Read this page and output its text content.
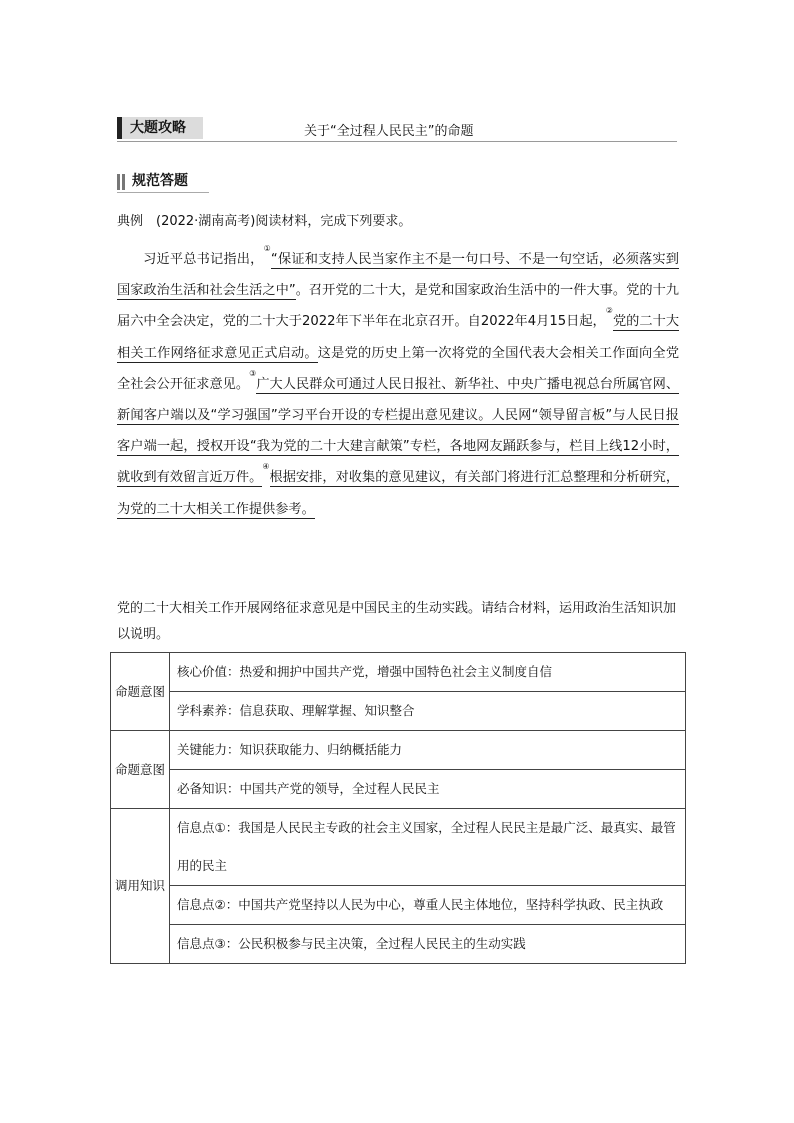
大题攻略	关于“全过程人民民主”的命题
规范答题
典例　(2022·湖南高考)阅读材料，完成下列要求。

习近平总书记指出，①“保证和支持人民当家作主不是一句口号、不是一句空话，必须落实到国家政治生活和社会生活之中”。召开党的二十大，是党和国家政治生活中的一件大事。党的十九届六中全会决定，党的二十大于2022年下半年在北京召开。自2022年4月15日起，②党的二十大相关工作网络征求意见正式启动。这是党的历史上第一次将党的全国代表大会相关工作面向全党全社会公开征求意见。③广大人民群众可通过人民日报社、新华社、中央广播电视总台所属官网、新闻客户端以及“学习强国”学习平台开设的专栏提出意见建议。人民网“领导留言板”与人民日报客户端一起，授权开设“我为党的二十大建言献策”专栏，各地网友踊跃参与，栏目上线12小时，就收到有效留言近万件。④根据安排，对收集的意见建议，有关部门将进行汇总整理和分析研究，为党的二十大相关工作提供参考。

党的二十大相关工作开展网络征求意见是中国民主的生动实践。请结合材料，运用政治生活知识加以说明。
命题意图	核心价值：热爱和拥护中国共产党，增强中国特色社会主义制度自信
	学科素养：信息获取、理解掌握、知识整合
命题意图	关键能力：知识获取能力、归纳概括能力
	必备知识：中国共产党的领导，全过程人民民主
调用知识	信息点①：我国是人民民主专政的社会主义国家，全过程人民民主是最广泛、最真实、最管用的民主
	信息点②：中国共产党坚持以人民为中心，尊重人民主体地位，坚持科学执政、民主执政
	信息点③：公民积极参与民主决策，全过程人民民主的生动实践
